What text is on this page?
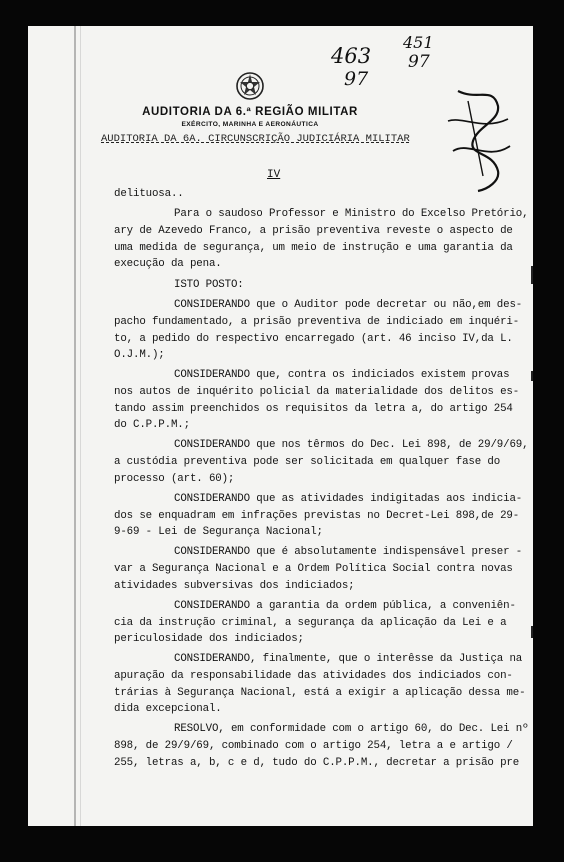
AUDITORIA DA 6.ª REGIÃO MILITAR
EXÉRCITO, MARINHA E AERONÁUTICA
463
451
97
97
AUDITORIA DA 6A. CIRCUNSCRIÇÃO JUDICIÁRIA MILITAR
IV
delituosa..
Para o saudoso Professor e Ministro do Excelso Pretório,
ary de Azevedo Franco, a prisão preventiva reveste o aspecto de
uma medida de segurança, um meio de instrução e uma garantia da
execução da pena.
ISTO POSTO:
CONSIDERANDO que o Auditor pode decretar ou não,em des-
pacho fundamentado, a prisão preventiva de indiciado em inquéri-
to, a pedido do respectivo encarregado (art. 46 inciso IV,da L.
O.J.M.);
CONSIDERANDO que, contra os indiciados existem provas
nos autos de inquérito policial da materialidade dos delitos es-
tando assim preenchidos os requisitos da letra a, do artigo 254
do C.P.P.M.;
CONSIDERANDO que nos têrmos do Dec. Lei 898, de 29/9/69,
a custódia preventiva pode ser solicitada em qualquer fase do
processo (art. 60);
CONSIDERANDO que as atividades indigitadas aos indicia-
dos se enquadram em infrações previstas no Decret-Lei 898,de 29-
9-69 - Lei de Segurança Nacional;
CONSIDERANDO que é absolutamente indispensável preser -
var a Segurança Nacional e a Ordem Política Social contra novas
atividades subversivas dos indiciados;
CONSIDERANDO a garantia da ordem pública, a conveniên-
cia da instrução criminal, a segurança da aplicação da Lei e a
periculosidade dos indiciados;
CONSIDERANDO, finalmente, que o interêsse da Justiça na
apuração da responsabilidade das atividades dos indiciados con-
trárias à Segurança Nacional, está a exigir a aplicação dessa me-
dida excepcional.
RESOLVO, em conformidade com o artigo 60, do Dec. Lei nº
898, de 29/9/69, combinado com o artigo 254, letra a e artigo /
255, letras a, b, c e d, tudo do C.P.P.M., decretar a prisão pre
